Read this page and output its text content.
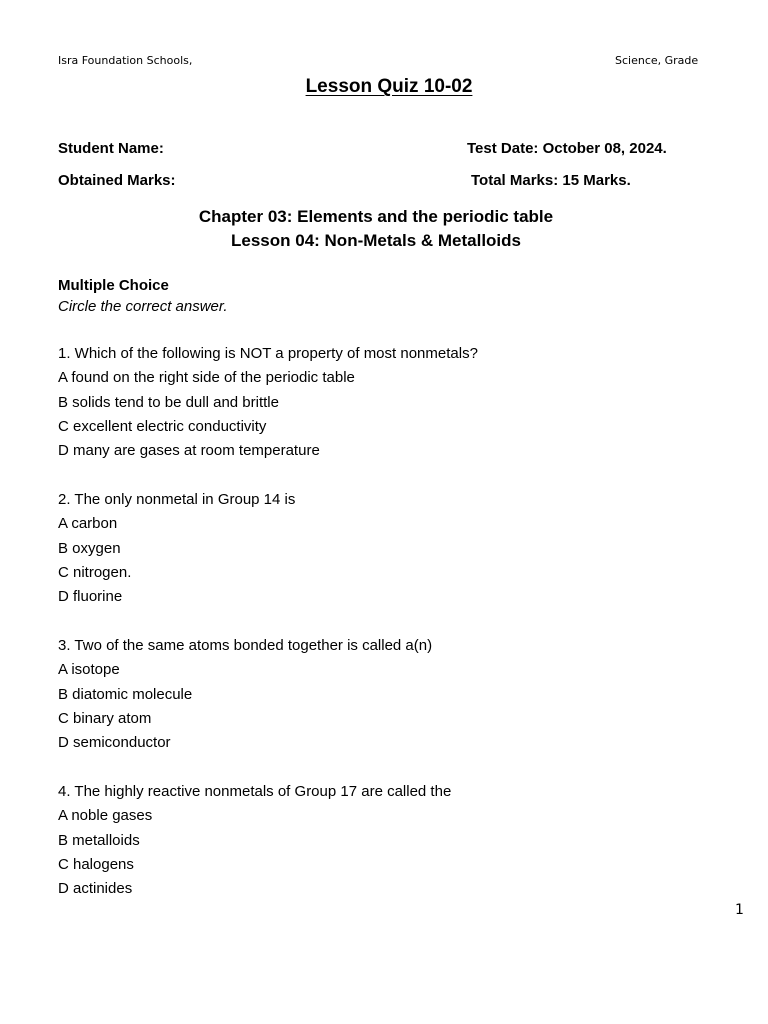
Isra Foundation Schools,	Science, Grade
Lesson Quiz 10-02
Student Name:	Test Date: October 08, 2024.
Obtained Marks:	Total Marks: 15 Marks.
Chapter 03: Elements and the periodic table
Lesson 04: Non-Metals & Metalloids
Multiple Choice
Circle the correct answer.
1. Which of the following is NOT a property of most nonmetals?
A found on the right side of the periodic table
B solids tend to be dull and brittle
C excellent electric conductivity
D many are gases at room temperature
2. The only nonmetal in Group 14 is
A carbon
B oxygen
C nitrogen.
D fluorine
3. Two of the same atoms bonded together is called a(n)
A isotope
B diatomic molecule
C binary atom
D semiconductor
4. The highly reactive nonmetals of Group 17 are called the
A noble gases
B metalloids
C halogens
D actinides
1
